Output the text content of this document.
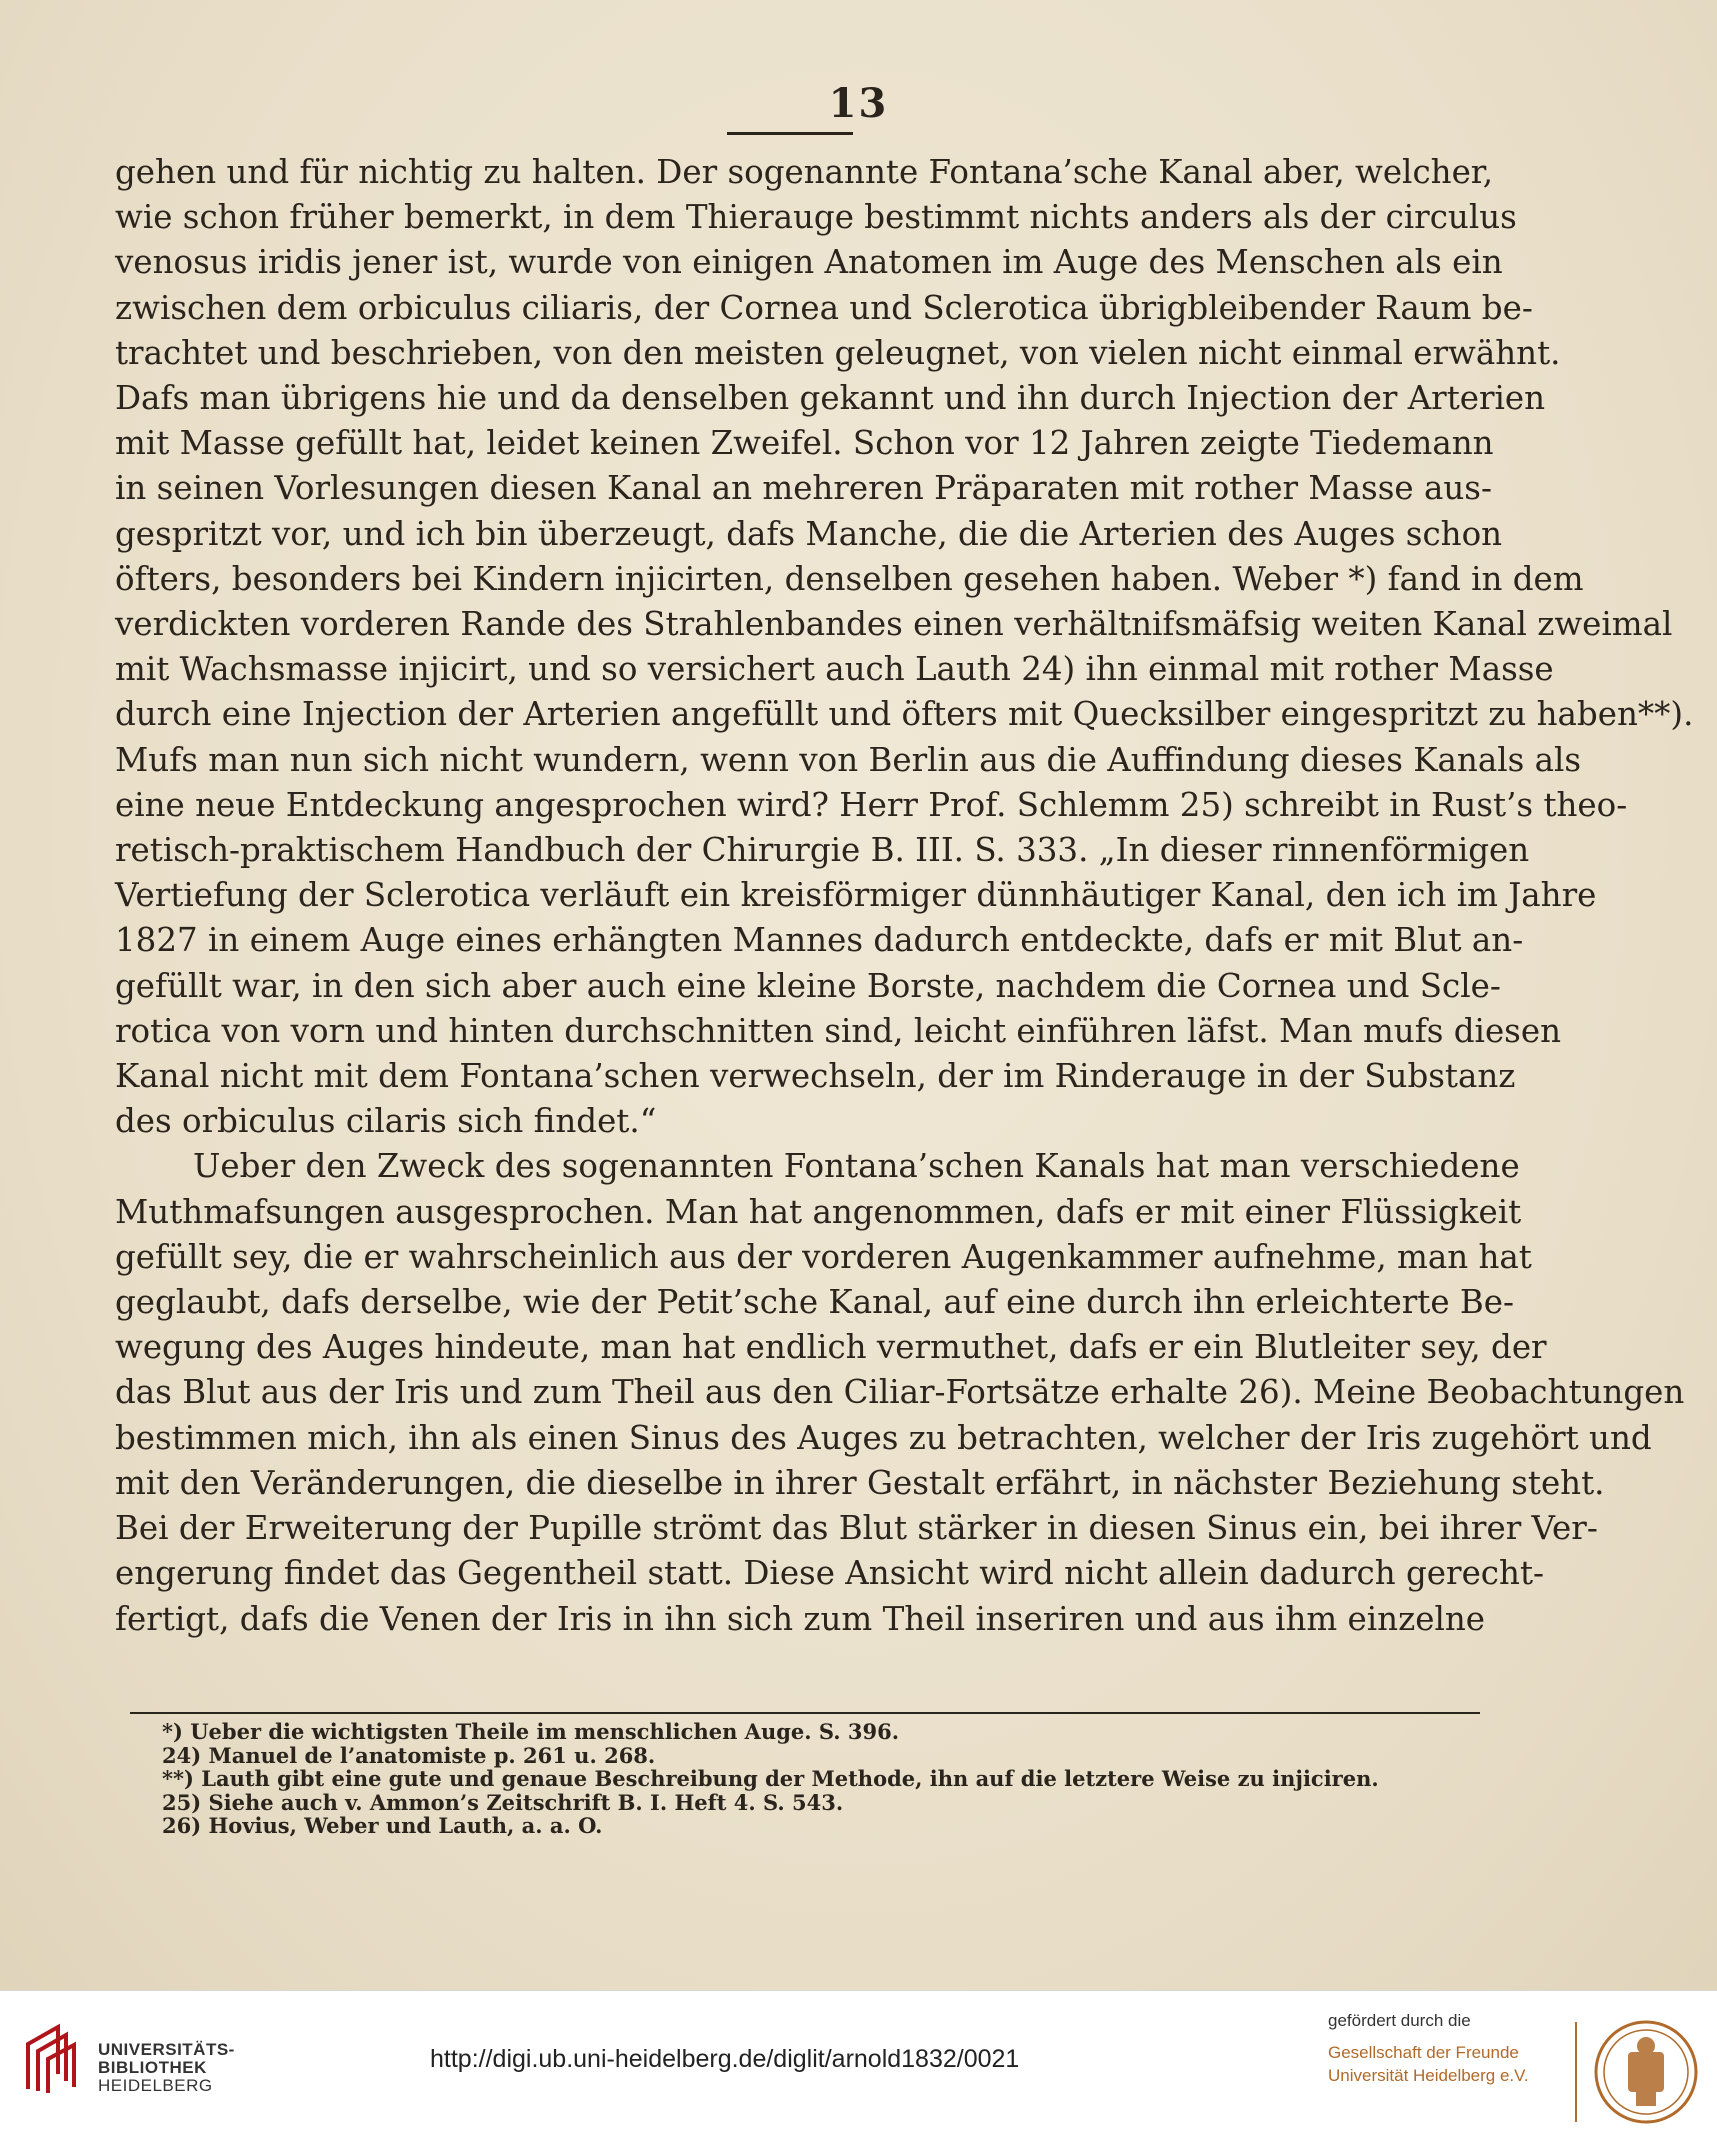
13
gehen und für nichtig zu halten. Der sogenannte Fontana’sche Kanal aber, welcher,
wie schon früher bemerkt, in dem Thierauge bestimmt nichts anders als der circulus
venosus iridis jener ist, wurde von einigen Anatomen im Auge des Menschen als ein
zwischen dem orbiculus ciliaris, der Cornea und Sclerotica übrigbleibender Raum be-
trachtet und beschrieben, von den meisten geleugnet, von vielen nicht einmal erwähnt.
Dafs man übrigens hie und da denselben gekannt und ihn durch Injection der Arterien
mit Masse gefüllt hat, leidet keinen Zweifel. Schon vor 12 Jahren zeigte Tiedemann
in seinen Vorlesungen diesen Kanal an mehreren Präparaten mit rother Masse aus-
gespritzt vor, und ich bin überzeugt, dafs Manche, die die Arterien des Auges schon
öfters, besonders bei Kindern injicirten, denselben gesehen haben. Weber *) fand in dem
verdickten vorderen Rande des Strahlenbandes einen verhältnifsmäfsig weiten Kanal zweimal
mit Wachsmasse injicirt, und so versichert auch Lauth 24) ihn einmal mit rother Masse
durch eine Injection der Arterien angefüllt und öfters mit Quecksilber eingespritzt zu haben**).
Mufs man nun sich nicht wundern, wenn von Berlin aus die Auffindung dieses Kanals als
eine neue Entdeckung angesprochen wird? Herr Prof. Schlemm 25) schreibt in Rust’s theo-
retisch-praktischem Handbuch der Chirurgie B. III. S. 333. „In dieser rinnenförmigen
Vertiefung der Sclerotica verläuft ein kreisförmiger dünnhäutiger Kanal, den ich im Jahre
1827 in einem Auge eines erhängten Mannes dadurch entdeckte, dafs er mit Blut an-
gefüllt war, in den sich aber auch eine kleine Borste, nachdem die Cornea und Scle-
rotica von vorn und hinten durchschnitten sind, leicht einführen läfst. Man mufs diesen
Kanal nicht mit dem Fontana’schen verwechseln, der im Rinderauge in der Substanz
des orbiculus cilaris sich findet.“
Ueber den Zweck des sogenannten Fontana’schen Kanals hat man verschiedene
Muthmafsungen ausgesprochen. Man hat angenommen, dafs er mit einer Flüssigkeit
gefüllt sey, die er wahrscheinlich aus der vorderen Augenkammer aufnehme, man hat
geglaubt, dafs derselbe, wie der Petit’sche Kanal, auf eine durch ihn erleichterte Be-
wegung des Auges hindeute, man hat endlich vermuthet, dafs er ein Blutleiter sey, der
das Blut aus der Iris und zum Theil aus den Ciliar-Fortsätze erhalte 26). Meine Beobachtungen
bestimmen mich, ihn als einen Sinus des Auges zu betrachten, welcher der Iris zugehört und
mit den Veränderungen, die dieselbe in ihrer Gestalt erfährt, in nächster Beziehung steht.
Bei der Erweiterung der Pupille strömt das Blut stärker in diesen Sinus ein, bei ihrer Ver-
engerung findet das Gegentheil statt. Diese Ansicht wird nicht allein dadurch gerecht-
fertigt, dafs die Venen der Iris in ihn sich zum Theil inseriren und aus ihm einzelne
*) Ueber die wichtigsten Theile im menschlichen Auge. S. 396.
24) Manuel de l’anatomiste p. 261 u. 268.
**) Lauth gibt eine gute und genaue Beschreibung der Methode, ihn auf die letztere Weise zu injiciren.
25) Siehe auch v. Ammon’s Zeitschrift B. I. Heft 4. S. 543.
26) Hovius, Weber und Lauth, a. a. O.
UNIVERSITÄTS-
BIBLIOTHEK
HEIDELBERG
http://digi.ub.uni-heidelberg.de/diglit/arnold1832/0021
gefördert durch die
Gesellschaft der Freunde
Universität Heidelberg e.V.
